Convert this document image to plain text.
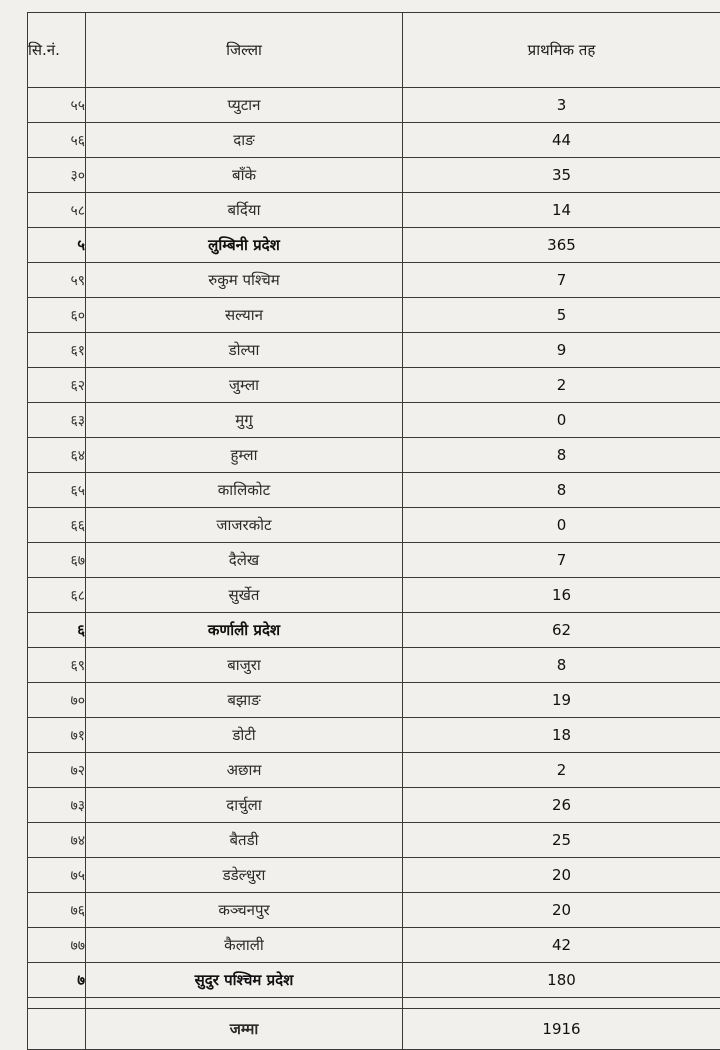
सि.नं.	जिल्ला	प्राथमिक तह
५५	प्युटान	3
५६	दाङ	44
३०	बाँके	35
५८	बर्दिया	14
५	लुम्बिनी प्रदेश	365
५९	रुकुम पश्चिम	7
६०	सल्यान	5
६१	डोल्पा	9
६२	जुम्ला	2
६३	मुगु	0
६४	हुम्ला	8
६५	कालिकोट	8
६६	जाजरकोट	0
६७	दैलेख	7
६८	सुर्खेत	16
६	कर्णाली प्रदेश	62
६९	बाजुरा	8
७०	बझाङ	19
७१	डोटी	18
७२	अछाम	2
७३	दार्चुला	26
७४	बैतडी	25
७५	डडेल्धुरा	20
७६	कञ्चनपुर	20
७७	कैलाली	42
७	सुदुर पश्चिम प्रदेश	180

	जम्मा	1916
